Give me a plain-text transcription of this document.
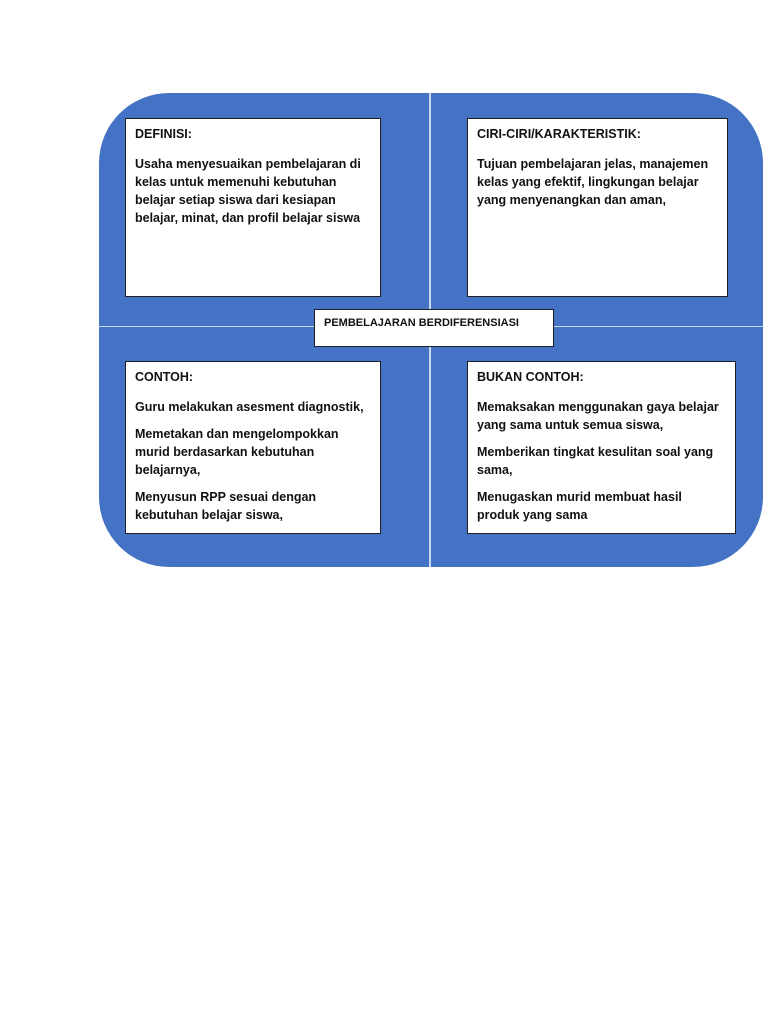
DEFINISI:

Usaha menyesuaikan pembelajaran di kelas untuk memenuhi kebutuhan belajar setiap siswa dari kesiapan belajar, minat, dan profil belajar siswa

CIRI-CIRI/KARAKTERISTIK:

Tujuan pembelajaran jelas, manajemen kelas yang efektif, lingkungan belajar yang menyenangkan dan aman,

PEMBELAJARAN BERDIFERENSIASI
CONTOH:

Guru melakukan asesment diagnostik,

Memetakan dan mengelompokkan murid berdasarkan kebutuhan belajarnya,

Menyusun RPP sesuai dengan kebutuhan belajar siswa,

BUKAN CONTOH:

Memaksakan menggunakan gaya belajar yang sama untuk semua siswa,

Memberikan tingkat kesulitan soal yang sama,

Menugaskan murid membuat hasil produk yang sama
